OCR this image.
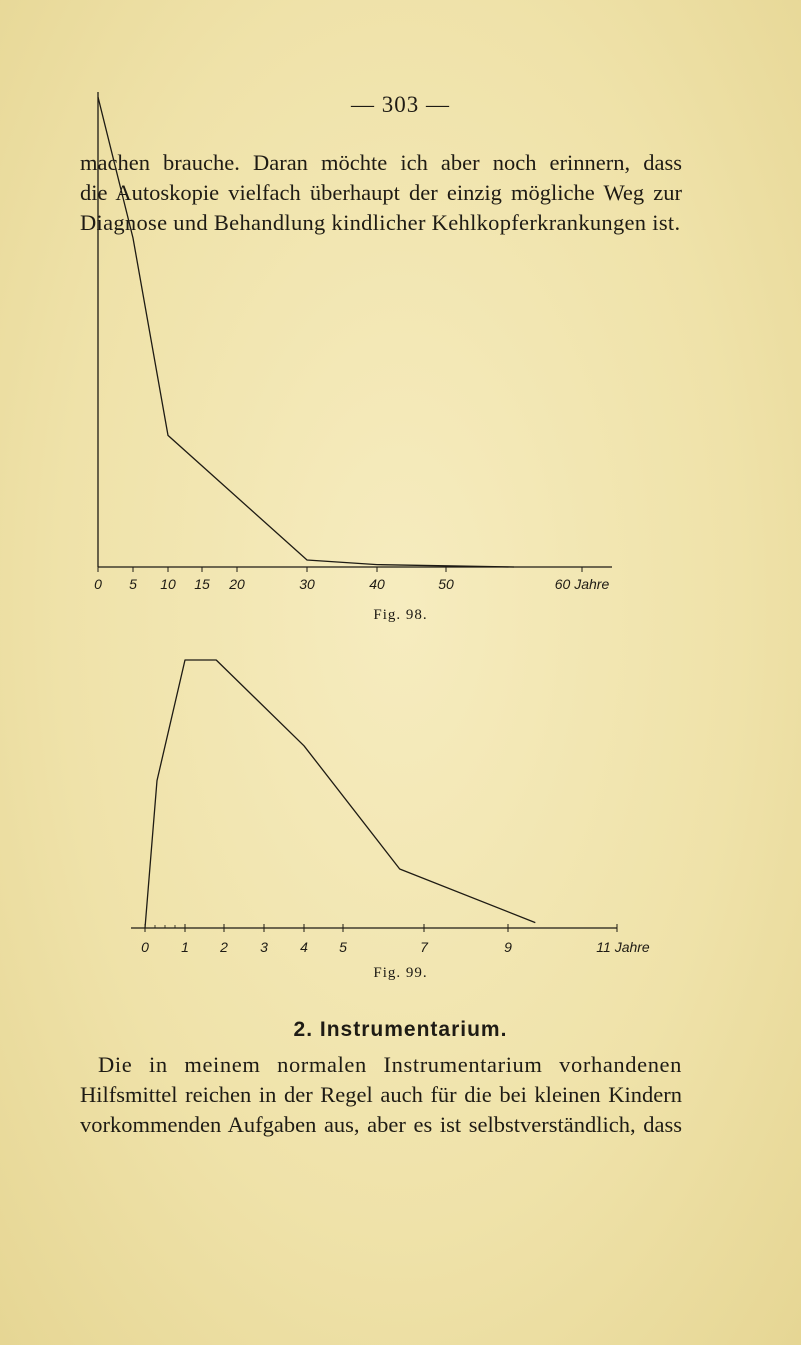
— 303 —
machen brauche. Daran möchte ich aber noch erinnern, dass
die Autoskopie vielfach überhaupt der einzig mögliche Weg zur
Diagnose und Behandlung kindlicher Kehlkopferkrankungen ist.
0 5 10 15 20	30	40	50	60 Jahre
Fig. 98.
0 1 2 3 4 5	7	9	11 Jahre
Fig. 99.
2. Instrumentarium.
Die in meinem normalen Instrumentarium vorhandenen
Hilfsmittel reichen in der Regel auch für die bei kleinen Kindern
vorkommenden Aufgaben aus, aber es ist selbstverständlich, dass
